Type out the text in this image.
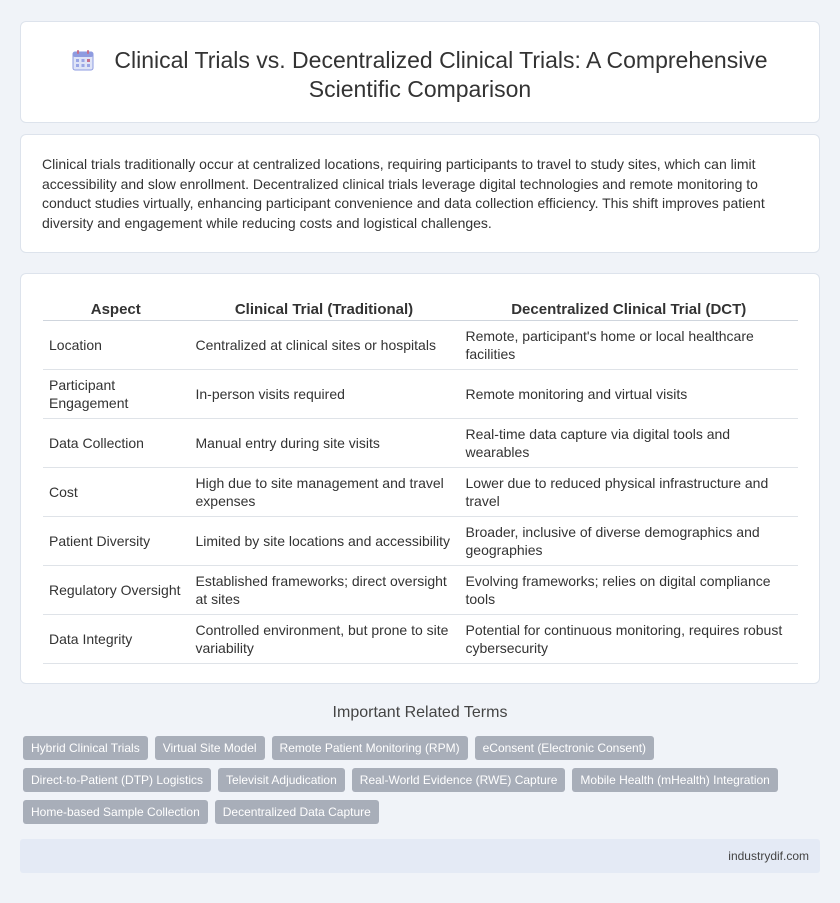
Clinical Trials vs. Decentralized Clinical Trials: A Comprehensive Scientific Comparison

Clinical trials traditionally occur at centralized locations, requiring participants to travel to study sites, which can limit accessibility and slow enrollment. Decentralized clinical trials leverage digital technologies and remote monitoring to conduct studies virtually, enhancing participant convenience and data collection efficiency. This shift improves patient diversity and engagement while reducing costs and logistical challenges.

Aspect	Clinical Trial (Traditional)	Decentralized Clinical Trial (DCT)
Location	Centralized at clinical sites or hospitals	Remote, participant's home or local healthcare facilities
Participant Engagement	In-person visits required	Remote monitoring and virtual visits
Data Collection	Manual entry during site visits	Real-time data capture via digital tools and wearables
Cost	High due to site management and travel expenses	Lower due to reduced physical infrastructure and travel
Patient Diversity	Limited by site locations and accessibility	Broader, inclusive of diverse demographics and geographies
Regulatory Oversight	Established frameworks; direct oversight at sites	Evolving frameworks; relies on digital compliance tools
Data Integrity	Controlled environment, but prone to site variability	Potential for continuous monitoring, requires robust cybersecurity
Important Related Terms
Hybrid Clinical Trials	Virtual Site Model	Remote Patient Monitoring (RPM)	eConsent (Electronic Consent)
Direct-to-Patient (DTP) Logistics	Televisit Adjudication	Real-World Evidence (RWE) Capture	Mobile Health (mHealth) Integration
Home-based Sample Collection	Decentralized Data Capture
industrydif.com
